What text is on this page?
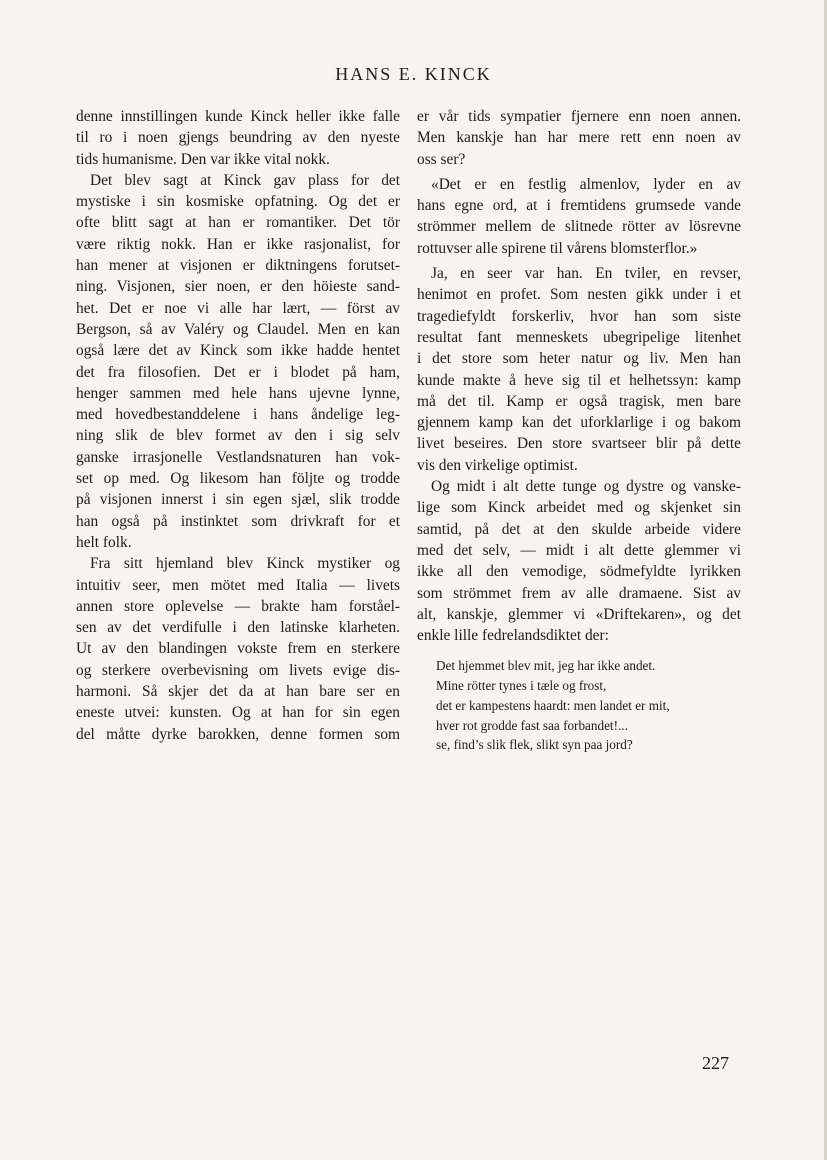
HANS E. KINCK
denne innstillingen kunde Kinck heller ikke falle
til ro i noen gjengs beundring av den nyeste
tids humanisme. Den var ikke vital nokk.
Det blev sagt at Kinck gav plass for det
mystiske i sin kosmiske opfatning. Og det er
ofte blitt sagt at han er romantiker. Det tör
være riktig nokk. Han er ikke rasjonalist, for
han mener at visjonen er diktningens forutset-
ning. Visjonen, sier noen, er den höieste sand-
het. Det er noe vi alle har lært, — först av
Bergson, så av Valéry og Claudel. Men en kan
også lære det av Kinck som ikke hadde hentet
det fra filosofien. Det er i blodet på ham,
henger sammen med hele hans ujevne lynne,
med hovedbestanddelene i hans åndelige leg-
ning slik de blev formet av den i sig selv
ganske irrasjonelle Vestlandsnaturen han vok-
set op med. Og likesom han följte og trodde
på visjonen innerst i sin egen sjæl, slik trodde
han også på instinktet som drivkraft for et
helt folk.
Fra sitt hjemland blev Kinck mystiker og
intuitiv seer, men mötet med Italia — livets
annen store oplevelse — brakte ham forståel-
sen av det verdifulle i den latinske klarheten.
Ut av den blandingen vokste frem en sterkere
og sterkere overbevisning om livets evige dis-
harmoni. Så skjer det da at han bare ser en
eneste utvei: kunsten. Og at han for sin egen
del måtte dyrke barokken, denne formen som
er vår tids sympatier fjernere enn noen annen.
Men kanskje han har mere rett enn noen av
oss ser?
«Det er en festlig almenlov, lyder en av
hans egne ord, at i fremtidens grumsede vande
strömmer mellem de slitnede rötter av lösrevne
rottuvser alle spirene til vårens blomsterflor.»
Ja, en seer var han. En tviler, en revser,
henimot en profet. Som nesten gikk under i et
tragediefyldt forskerliv, hvor han som siste
resultat fant menneskets ubegripelige litenhet
i det store som heter natur og liv. Men han
kunde makte å heve sig til et helhetssyn: kamp
må det til. Kamp er også tragisk, men bare
gjennem kamp kan det uforklarlige i og bakom
livet beseires. Den store svartseer blir på dette
vis den virkelige optimist.
Og midt i alt dette tunge og dystre og vanske-
lige som Kinck arbeidet med og skjenket sin
samtid, på det at den skulde arbeide videre
med det selv, — midt i alt dette glemmer vi
ikke all den vemodige, södmefyldte lyrikken
som strömmet frem av alle dramaene. Sist av
alt, kanskje, glemmer vi «Driftekaren», og det
enkle lille fedrelandsdiktet der:
Det hjemmet blev mit, jeg har ikke andet.
Mine rötter tynes i tæle og frost,
det er kampestens haardt: men landet er mit,
hver rot grodde fast saa forbandet!...
se, find’s slik flek, slikt syn paa jord?
227
